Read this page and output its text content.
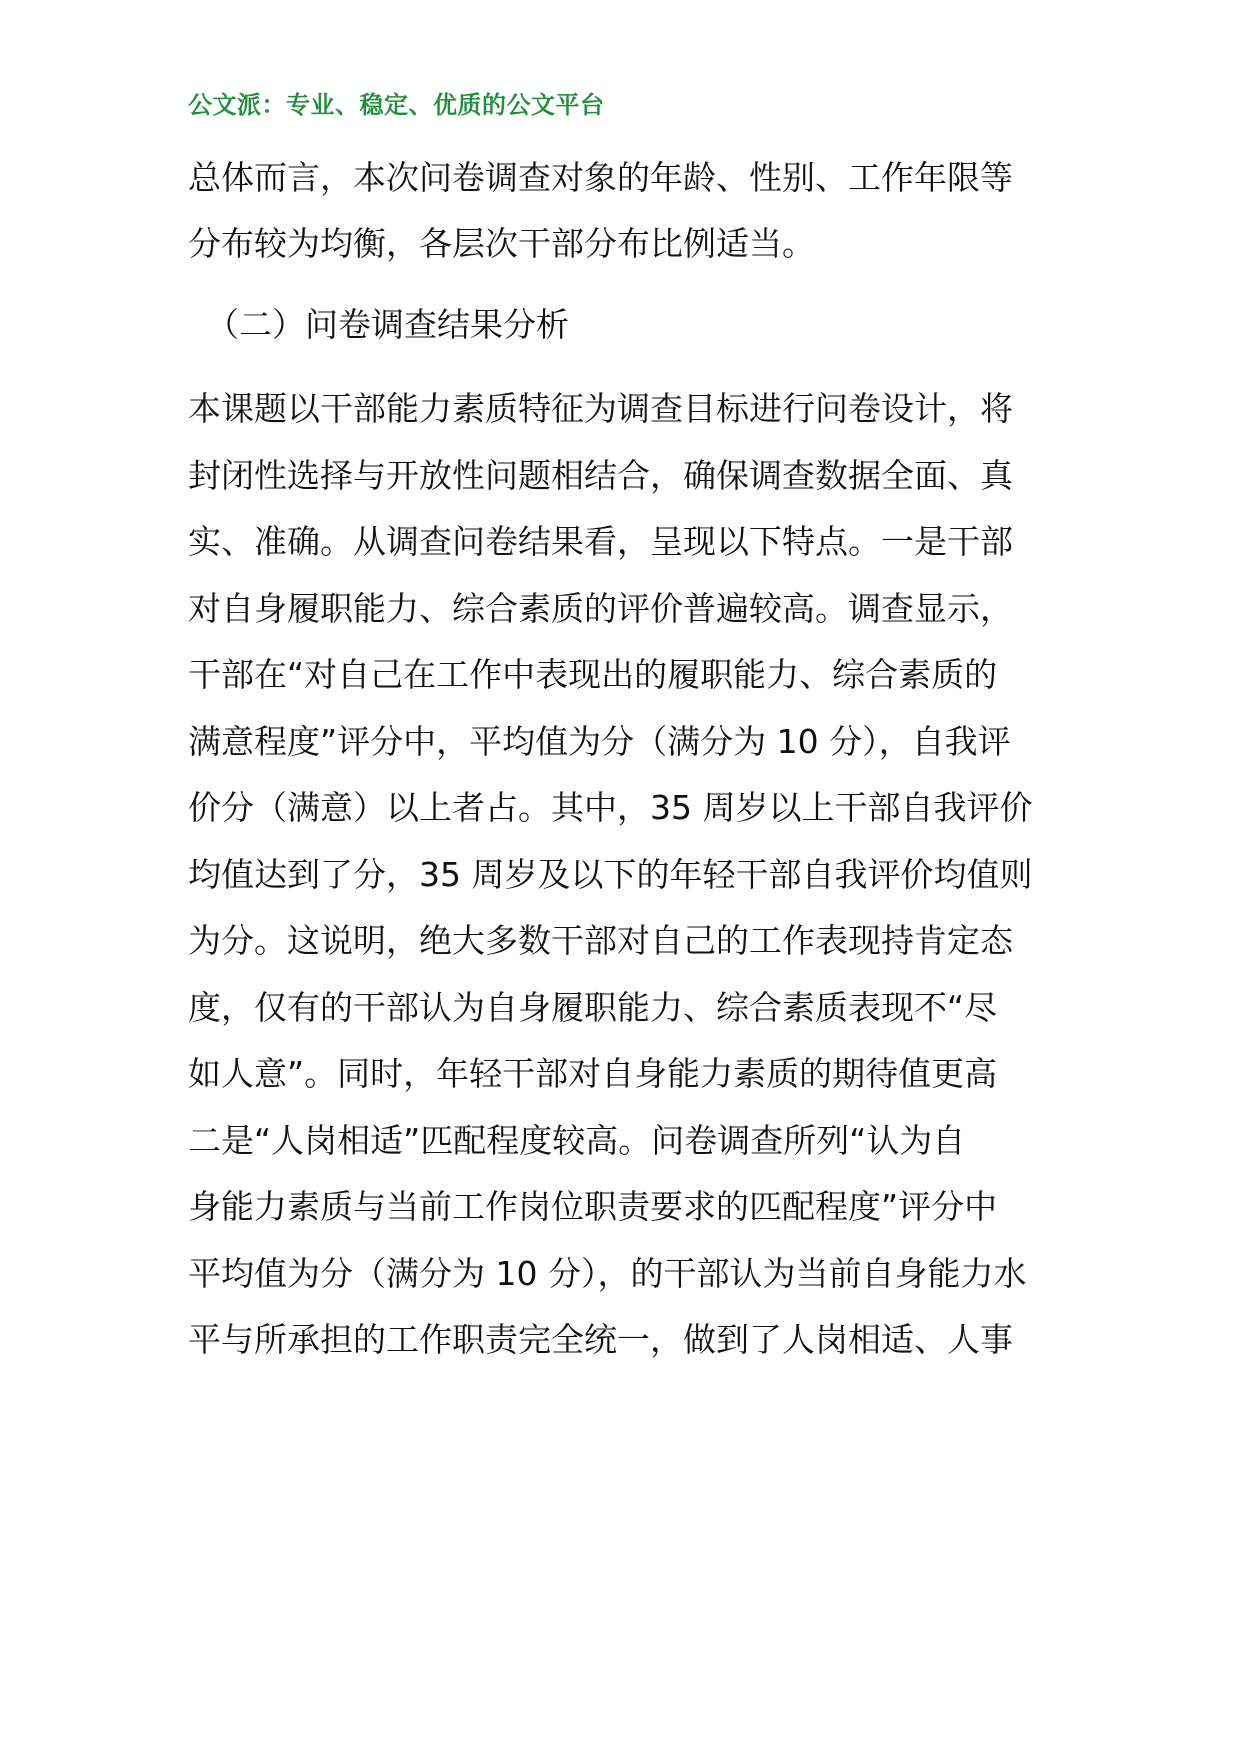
公文派：专业、稳定、优质的公文平台
总体而言，本次问卷调查对象的年龄、性别、工作年限等
分布较为均衡，各层次干部分布比例适当。
（二）问卷调查结果分析
本课题以干部能力素质特征为调查目标进行问卷设计，将
封闭性选择与开放性问题相结合，确保调查数据全面、真
实、准确。从调查问卷结果看，呈现以下特点。一是干部
对自身履职能力、综合素质的评价普遍较高。调查显示，
干部在“对自己在工作中表现出的履职能力、综合素质的
满意程度”评分中，平均值为分（满分为 10 分），自我评
价分（满意）以上者占。其中，35 周岁以上干部自我评价
均值达到了分，35 周岁及以下的年轻干部自我评价均值则
为分。这说明，绝大多数干部对自己的工作表现持肯定态
度，仅有的干部认为自身履职能力、综合素质表现不“尽
如人意”。同时，年轻干部对自身能力素质的期待值更高
二是“人岗相适”匹配程度较高。问卷调查所列“认为自
身能力素质与当前工作岗位职责要求的匹配程度”评分中
平均值为分（满分为 10 分），的干部认为当前自身能力水
平与所承担的工作职责完全统一，做到了人岗相适、人事
